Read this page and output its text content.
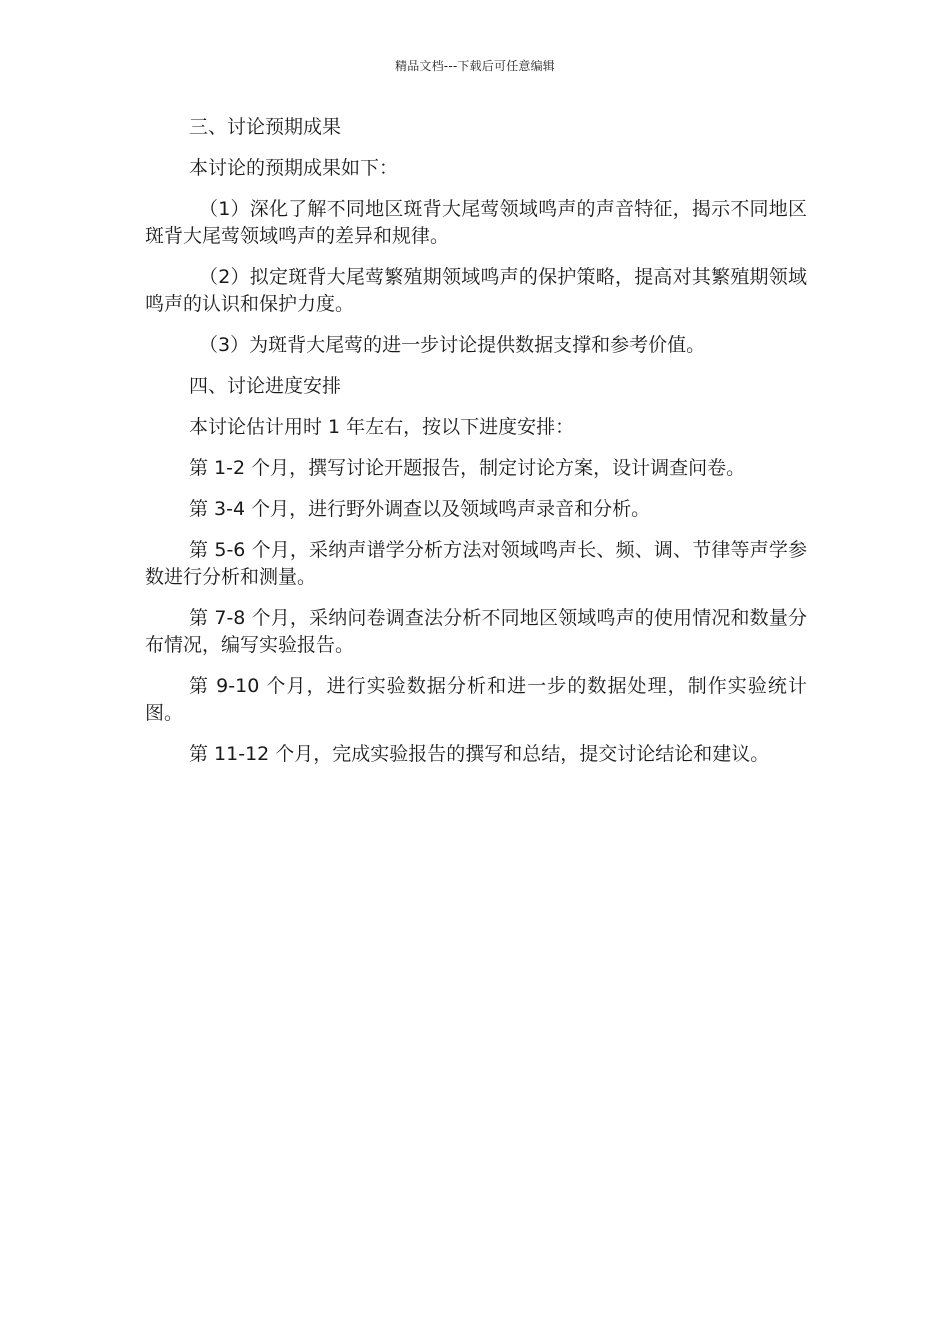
精品文档---下载后可任意编辑

三、讨论预期成果

本讨论的预期成果如下：

（1）深化了解不同地区斑背大尾莺领域鸣声的声音特征，揭示不同地区斑背大尾莺领域鸣声的差异和规律。

（2）拟定斑背大尾莺繁殖期领域鸣声的保护策略，提高对其繁殖期领域鸣声的认识和保护力度。

（3）为斑背大尾莺的进一步讨论提供数据支撑和参考价值。

四、讨论进度安排

本讨论估计用时 1 年左右，按以下进度安排：

第 1-2 个月，撰写讨论开题报告，制定讨论方案，设计调查问卷。

第 3-4 个月，进行野外调查以及领域鸣声录音和分析。

第 5-6 个月，采纳声谱学分析方法对领域鸣声长、频、调、节律等声学参数进行分析和测量。

第 7-8 个月，采纳问卷调查法分析不同地区领域鸣声的使用情况和数量分布情况，编写实验报告。

第 9-10 个月，进行实验数据分析和进一步的数据处理，制作实验统计图。

第 11-12 个月，完成实验报告的撰写和总结，提交讨论结论和建议。
